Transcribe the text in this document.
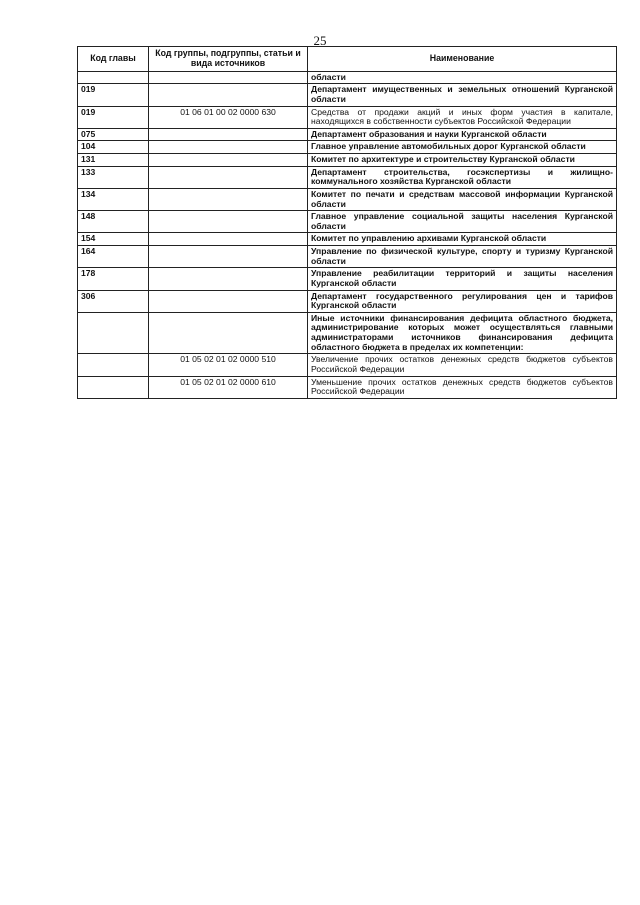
25
Код главы	Код группы, подгруппы, статьи и вида источников	Наименование
		области
019		Департамент имущественных и земельных отношений Курганской области
019	01 06 01 00 02 0000 630	Средства от продажи акций и иных форм участия в капитале, находящихся в собственности субъектов Российской Федерации
075		Департамент образования и науки Курганской области
104		Главное управление автомобильных дорог Курганской области
131		Комитет по архитектуре и строительству Курганской области
133		Департамент строительства, госэкспертизы и жилищно-коммунального хозяйства Курганской области
134		Комитет по печати и средствам массовой информации Курганской области
148		Главное управление социальной защиты населения Курганской области
154		Комитет по управлению архивами Курганской области
164		Управление по физической культуре, спорту и туризму Курганской области
178		Управление реабилитации территорий и защиты населения Курганской области
306		Департамент государственного регулирования цен и тарифов Курганской области
		Иные источники финансирования дефицита областного бюджета, администрирование которых может осуществляться главными администраторами источников финансирования дефицита областного бюджета в пределах их компетенции:
	01 05 02 01 02 0000 510	Увеличение прочих остатков денежных средств бюджетов субъектов Российской Федерации
	01 05 02 01 02 0000 610	Уменьшение прочих остатков денежных средств бюджетов субъектов Российской Федерации
